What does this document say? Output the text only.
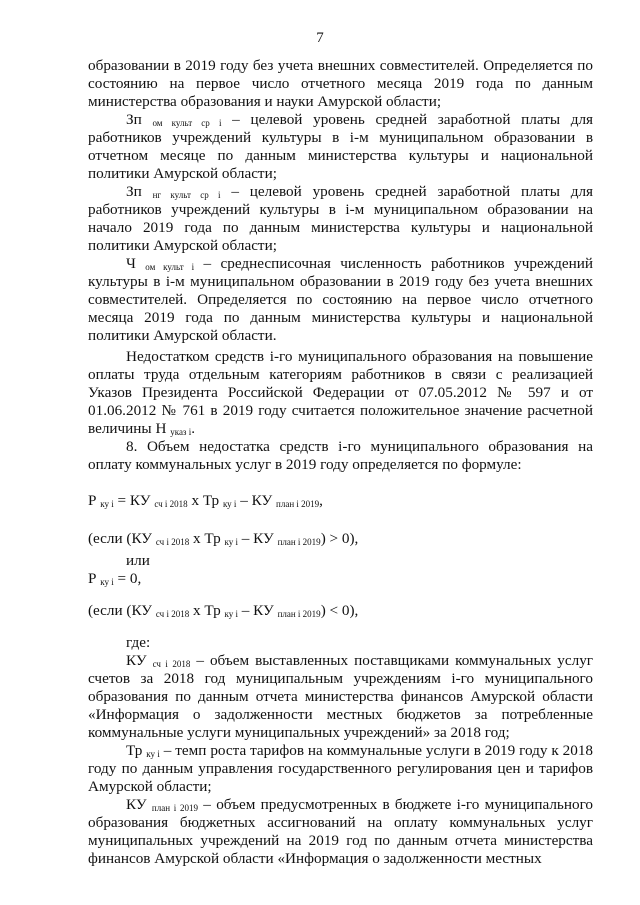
7

образовании в 2019 году без учета внешних совместителей. Определяется по состоянию на первое число отчетного месяца 2019 года по данным министерства образования и науки Амурской области;

Зп $_{ом культ ср i}$ – целевой уровень средней заработной платы для работников учреждений культуры в i-м муниципальном образовании в отчетном месяце по данным министерства культуры и национальной политики Амурской области;

Зп $_{нг культ ср i}$ – целевой уровень средней заработной платы для работников учреждений культуры в i-м муниципальном образовании на начало 2019 года по данным министерства культуры и национальной политики Амурской области;

Ч $_{ом культ i}$ – среднесписочная численность работников учреждений культуры в i-м муниципальном образовании в 2019 году без учета внешних совместителей. Определяется по состоянию на первое число отчетного месяца 2019 года по данным министерства культуры и национальной политики Амурской области.

Недостатком средств i-го муниципального образования на повышение оплаты труда отдельным категориям работников в связи с реализацией Указов Президента Российской Федерации от 07.05.2012 № 597 и от 01.06.2012 № 761 в 2019 году считается положительное значение расчетной величины Н $_{указ i}$.

8. Объем недостатка средств i-го муниципального образования на оплату коммунальных услуг в 2019 году определяется по формуле:

Р $_{ку i}$ = КУ $_{сч i 2018}$ х Тр $_{ку i}$ – КУ $_{план i 2019}$,

(если (КУ $_{сч i 2018}$ х Тр $_{ку i}$ – КУ $_{план i 2019}$) > 0),

или

Р $_{ку i}$ = 0,

(если (КУ $_{сч i 2018}$ х Тр $_{ку i}$ – КУ $_{план i 2019}$) < 0),

где:

КУ $_{сч i 2018}$ – объем выставленных поставщиками коммунальных услуг счетов за 2018 год муниципальным учреждениям i-го муниципального образования по данным отчета министерства финансов Амурской области «Информация о задолженности местных бюджетов за потребленные коммунальные услуги муниципальных учреждений» за 2018 год;

Тр $_{ку i}$ – темп роста тарифов на коммунальные услуги в 2019 году к 2018 году по данным управления государственного регулирования цен и тарифов Амурской области;

КУ $_{план i 2019}$ – объем предусмотренных в бюджете i-го муниципального образования бюджетных ассигнований на оплату коммунальных услуг муниципальных учреждений на 2019 год по данным отчета министерства финансов Амурской области «Информация о задолженности местных
